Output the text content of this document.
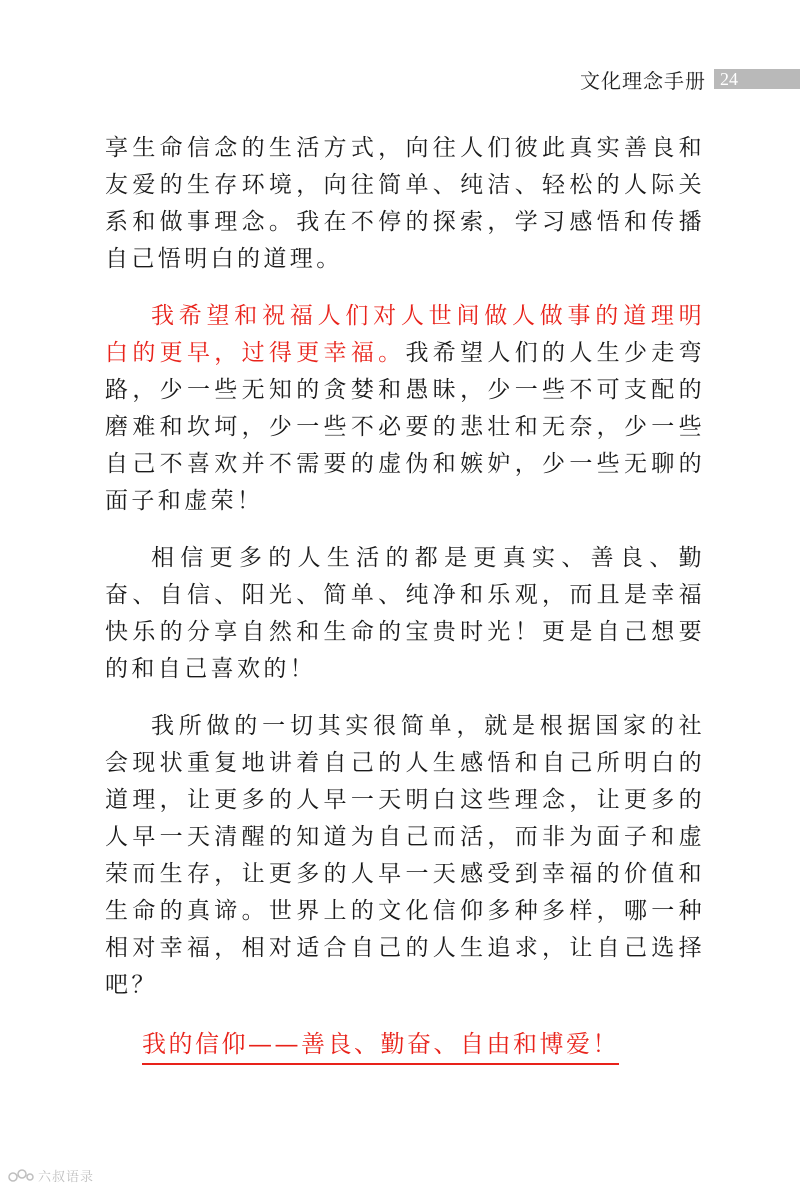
文化理念手册 24

享生命信念的生活方式，向往人们彼此真实善良和友爱的生存环境，向往简单、纯洁、轻松的人际关系和做事理念。我在不停的探索，学习感悟和传播自己悟明白的道理。

我希望和祝福人们对人世间做人做事的道理明白的更早，过得更幸福。我希望人们的人生少走弯路，少一些无知的贪婪和愚昧，少一些不可支配的磨难和坎坷，少一些不必要的悲壮和无奈，少一些自己不喜欢并不需要的虚伪和嫉妒，少一些无聊的面子和虚荣！

相信更多的人生活的都是更真实、善良、勤奋、自信、阳光、简单、纯净和乐观，而且是幸福快乐的分享自然和生命的宝贵时光！更是自己想要的和自己喜欢的！

我所做的一切其实很简单，就是根据国家的社会现状重复地讲着自己的人生感悟和自己所明白的道理，让更多的人早一天明白这些理念，让更多的人早一天清醒的知道为自己而活，而非为面子和虚荣而生存，让更多的人早一天感受到幸福的价值和生命的真谛。世界上的文化信仰多种多样，哪一种相对幸福，相对适合自己的人生追求，让自己选择吧？

我的信仰——善良、勤奋、自由和博爱！
六叔语录
